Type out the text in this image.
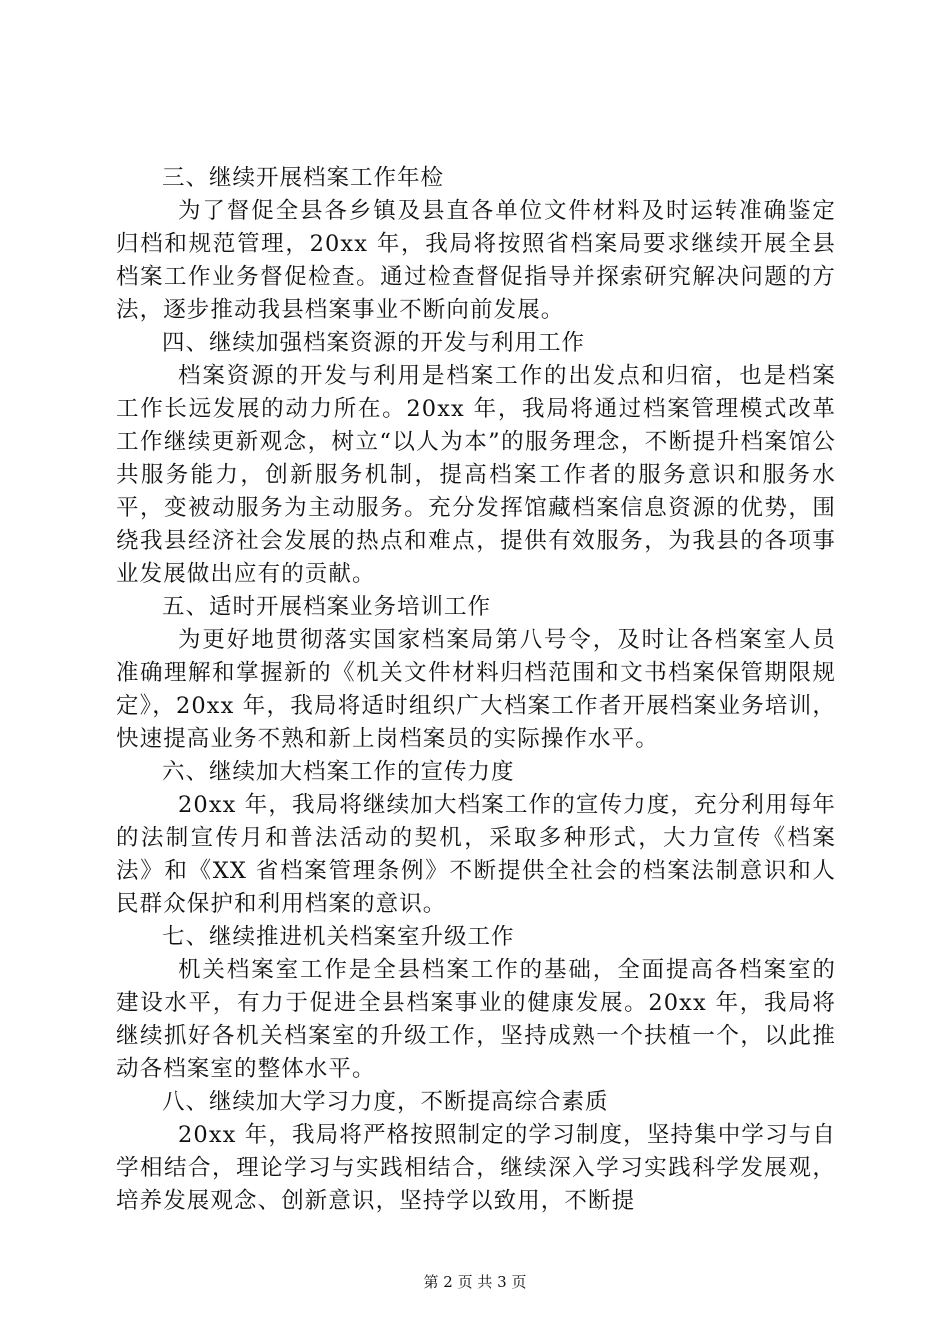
三、继续开展档案工作年检

为了督促全县各乡镇及县直各单位文件材料及时运转准确鉴定归档和规范管理，20xx 年，我局将按照省档案局要求继续开展全县档案工作业务督促检查。通过检查督促指导并探索研究解决问题的方法，逐步推动我县档案事业不断向前发展。

四、继续加强档案资源的开发与利用工作

档案资源的开发与利用是档案工作的出发点和归宿，也是档案工作长远发展的动力所在。20xx 年，我局将通过档案管理模式改革工作继续更新观念，树立“以人为本”的服务理念，不断提升档案馆公共服务能力，创新服务机制，提高档案工作者的服务意识和服务水平，变被动服务为主动服务。充分发挥馆藏档案信息资源的优势，围绕我县经济社会发展的热点和难点，提供有效服务，为我县的各项事业发展做出应有的贡献。

五、适时开展档案业务培训工作

为更好地贯彻落实国家档案局第八号令，及时让各档案室人员准确理解和掌握新的《机关文件材料归档范围和文书档案保管期限规定》，20xx 年，我局将适时组织广大档案工作者开展档案业务培训，快速提高业务不熟和新上岗档案员的实际操作水平。

六、继续加大档案工作的宣传力度

20xx 年，我局将继续加大档案工作的宣传力度，充分利用每年的法制宣传月和普法活动的契机，采取多种形式，大力宣传《档案法》和《XX 省档案管理条例》不断提供全社会的档案法制意识和人民群众保护和利用档案的意识。

七、继续推进机关档案室升级工作

机关档案室工作是全县档案工作的基础，全面提高各档案室的建设水平，有力于促进全县档案事业的健康发展。20xx 年，我局将继续抓好各机关档案室的升级工作，坚持成熟一个扶植一个，以此推动各档案室的整体水平。

八、继续加大学习力度，不断提高综合素质

20xx 年，我局将严格按照制定的学习制度，坚持集中学习与自学相结合，理论学习与实践相结合，继续深入学习实践科学发展观，培养发展观念、创新意识，坚持学以致用，不断提

第 2 页 共 3 页
